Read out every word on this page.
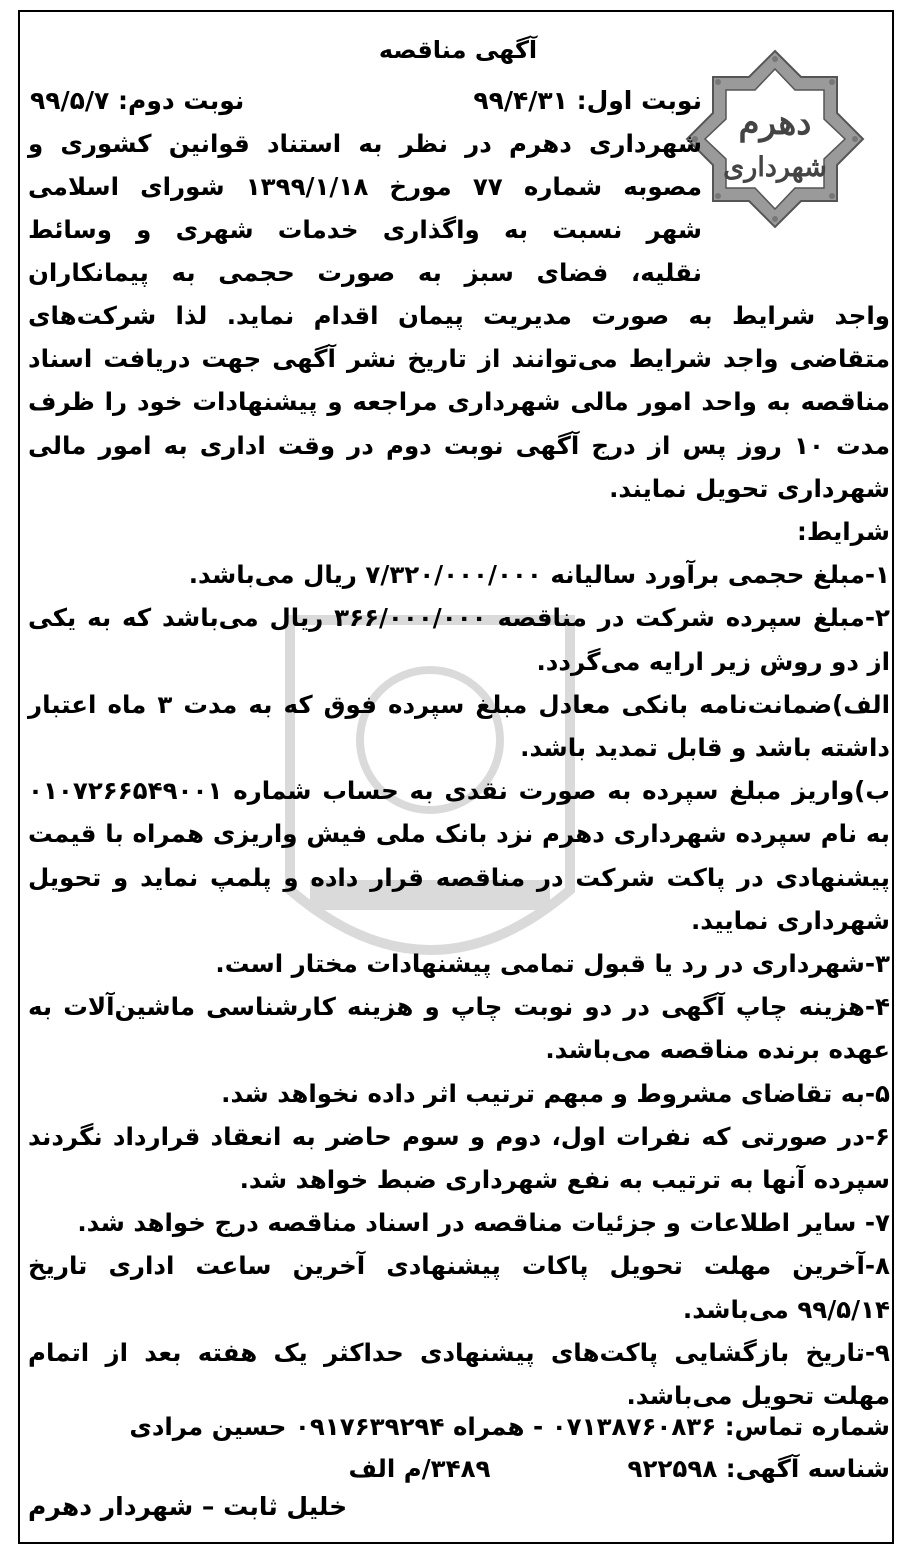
دهرم
شهرداری
آگهی مناقصه
نوبت اول: ۹۹/۴/۳۱
نوبت دوم: ۹۹/۵/۷
شهرداری دهرم در نظر به استناد قوانین کشوری و
مصوبه شماره ۷۷ مورخ ۱۳۹۹/۱/۱۸ شورای اسلامی
شهر نسبت به واگذاری خدمات شهری و وسائط
نقلیه، فضای سبز به صورت حجمی به پیمانکاران

واجد شرایط به صورت مدیریت پیمان اقدام نماید. لذا شرکت‌های متقاضی واجد شرایط می‌توانند از تاریخ نشر آگهی جهت دریافت اسناد مناقصه به واحد امور مالی شهرداری مراجعه و پیشنهادات خود را ظرف مدت ۱۰ روز پس از درج آگهی نوبت دوم در وقت اداری به امور مالی شهرداری تحویل نمایند.

شرایط:

۱-مبلغ حجمی برآورد سالیانه ۷/۳۲۰/۰۰۰/۰۰۰ ریال می‌باشد.

۲-مبلغ سپرده شرکت در مناقصه ۳۶۶/۰۰۰/۰۰۰ ریال می‌باشد که به یکی از دو روش زیر ارایه می‌گردد.

الف)ضمانت‌نامه بانکی معادل مبلغ سپرده فوق که به مدت ۳ ماه اعتبار داشته باشد و قابل تمدید باشد.

ب)واریز مبلغ سپرده به صورت نقدی به حساب شماره ۰۱۰۷۲۶۶۵۴۹۰۰۱ به نام سپرده شهرداری دهرم نزد بانک ملی فیش واریزی همراه با قیمت پیشنهادی در پاکت شرکت در مناقصه قرار داده و پلمپ نماید و تحویل شهرداری نمایید.

۳-شهرداری در رد یا قبول تمامی پیشنهادات مختار است.

۴-هزینه چاپ آگهی در دو نوبت چاپ و هزینه کارشناسی ماشین‌آلات به عهده برنده مناقصه می‌باشد.

۵-به تقاضای مشروط و مبهم ترتیب اثر داده نخواهد شد.

۶-در صورتی که نفرات اول، دوم و سوم حاضر به انعقاد قرارداد نگردند سپرده آنها به ترتیب به نفع شهرداری ضبط خواهد شد.

۷- سایر اطلاعات و جزئیات مناقصه در اسناد مناقصه درج خواهد شد.

۸-آخرین مهلت تحویل پاکات پیشنهادی آخرین ساعت اداری تاریخ ۹۹/۵/۱۴ می‌باشد.

۹-تاریخ بازگشایی پاکت‌های پیشنهادی حداکثر یک هفته بعد از اتمام مهلت تحویل می‌باشد.

شماره تماس: ۰۷۱۳۸۷۶۰۸۳۶ - همراه ۰۹۱۷۶۳۹۲۹۴ حسین مرادی

شناسه آگهی: ۹۲۲۵۹۸  ۳۴۸۹/م الف

خلیل ثابت – شهردار دهرم
